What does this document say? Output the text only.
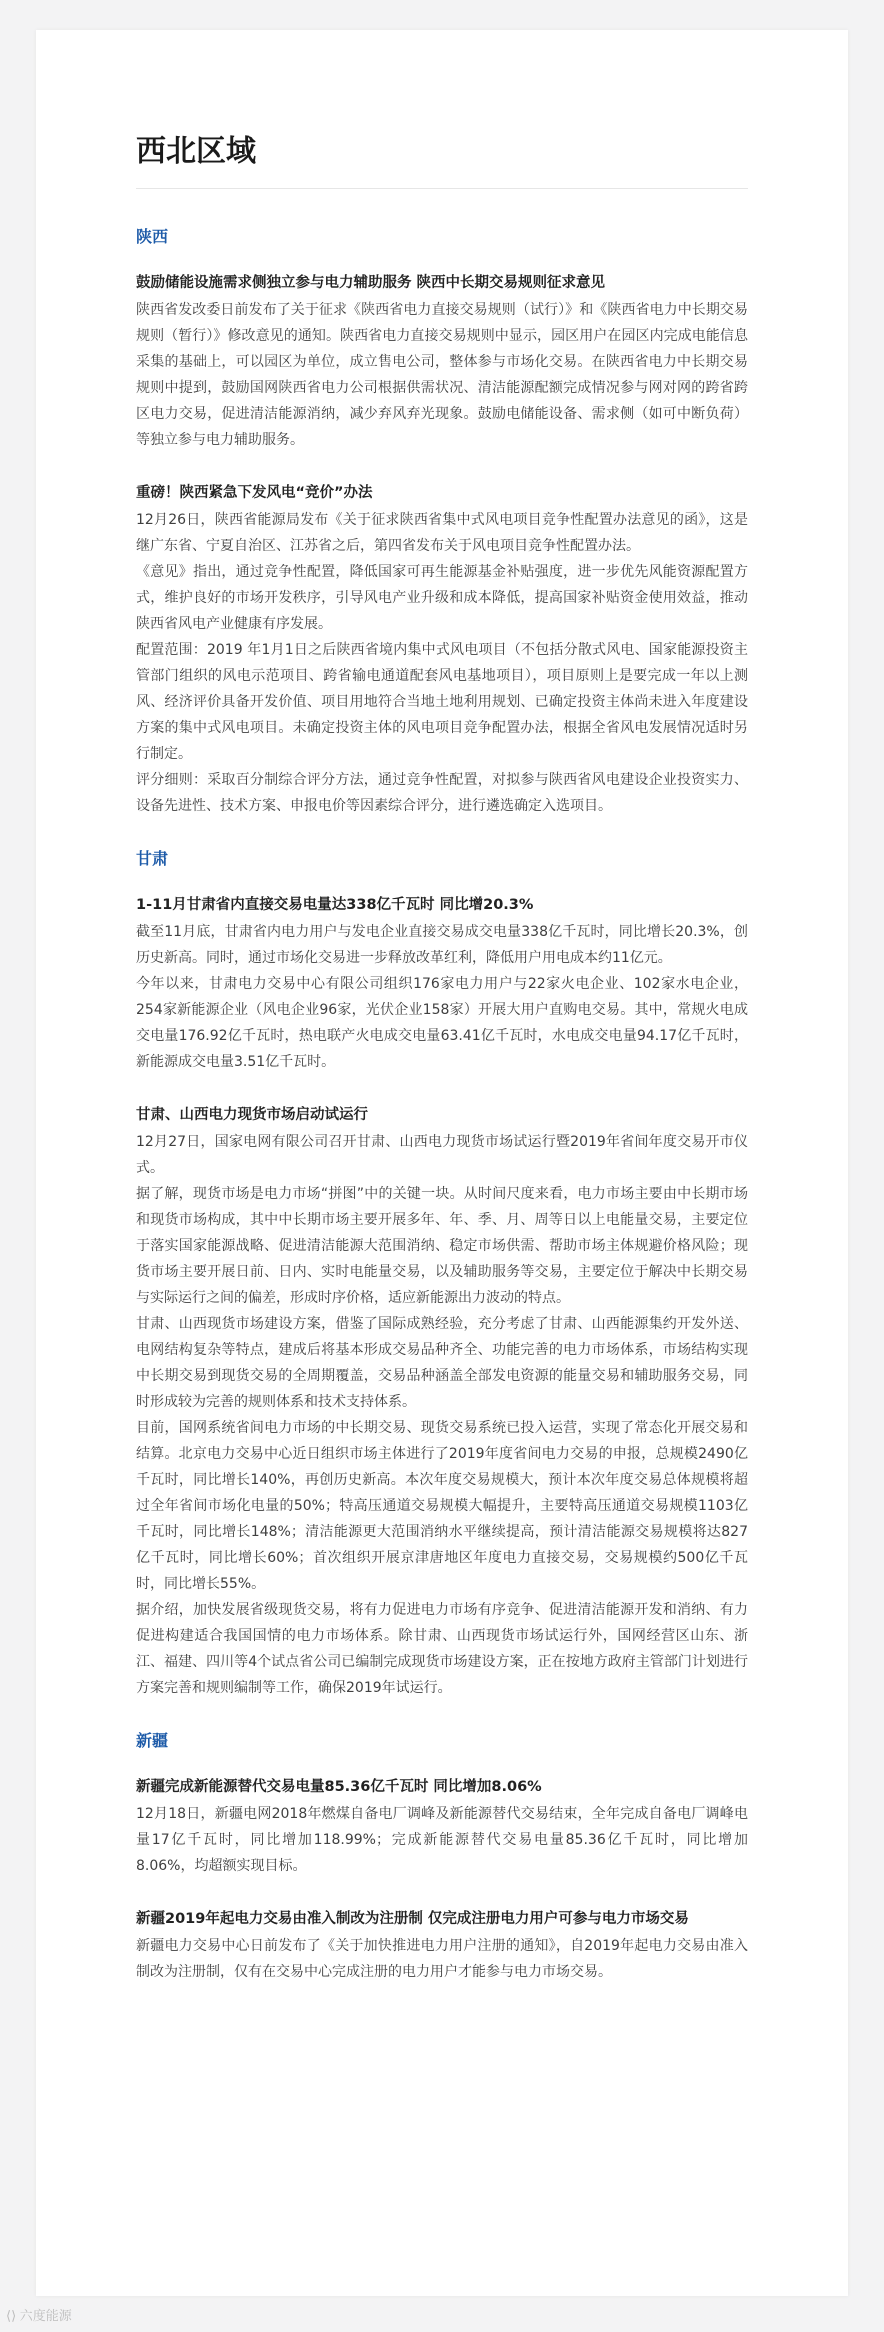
西北区域
陕西
鼓励储能设施需求侧独立参与电力辅助服务 陕西中长期交易规则征求意见

陕西省发改委日前发布了关于征求《陕西省电力直接交易规则（试行）》和《陕西省电力中长期交易规则（暂行）》修改意见的通知。陕西省电力直接交易规则中显示，园区用户在园区内完成电能信息采集的基础上，可以园区为单位，成立售电公司，整体参与市场化交易。在陕西省电力中长期交易规则中提到，鼓励国网陕西省电力公司根据供需状况、清洁能源配额完成情况参与网对网的跨省跨区电力交易，促进清洁能源消纳，减少弃风弃光现象。鼓励电储能设备、需求侧（如可中断负荷）等独立参与电力辅助服务。

重磅！陕西紧急下发风电“竞价”办法

12月26日，陕西省能源局发布《关于征求陕西省集中式风电项目竞争性配置办法意见的函》，这是继广东省、宁夏自治区、江苏省之后，第四省发布关于风电项目竞争性配置办法。

《意见》指出，通过竞争性配置，降低国家可再生能源基金补贴强度，进一步优先风能资源配置方式，维护良好的市场开发秩序，引导风电产业升级和成本降低，提高国家补贴资金使用效益，推动陕西省风电产业健康有序发展。

配置范围：2019 年1月1日之后陕西省境内集中式风电项目（不包括分散式风电、国家能源投资主管部门组织的风电示范项目、跨省输电通道配套风电基地项目），项目原则上是要完成一年以上测风、经济评价具备开发价值、项目用地符合当地土地利用规划、已确定投资主体尚未进入年度建设方案的集中式风电项目。未确定投资主体的风电项目竞争配置办法，根据全省风电发展情况适时另行制定。

评分细则：采取百分制综合评分方法，通过竞争性配置，对拟参与陕西省风电建设企业投资实力、设备先进性、技术方案、申报电价等因素综合评分，进行遴选确定入选项目。

甘肃
1-11月甘肃省内直接交易电量达338亿千瓦时 同比增20.3%

截至11月底，甘肃省内电力用户与发电企业直接交易成交电量338亿千瓦时，同比增长20.3%，创历史新高。同时，通过市场化交易进一步释放改革红利，降低用户用电成本约11亿元。

今年以来，甘肃电力交易中心有限公司组织176家电力用户与22家火电企业、102家水电企业，254家新能源企业（风电企业96家，光伏企业158家）开展大用户直购电交易。其中，常规火电成交电量176.92亿千瓦时，热电联产火电成交电量63.41亿千瓦时，水电成交电量94.17亿千瓦时，新能源成交电量3.51亿千瓦时。

甘肃、山西电力现货市场启动试运行

12月27日，国家电网有限公司召开甘肃、山西电力现货市场试运行暨2019年省间年度交易开市仪式。

据了解，现货市场是电力市场“拼图”中的关键一块。从时间尺度来看，电力市场主要由中长期市场和现货市场构成，其中中长期市场主要开展多年、年、季、月、周等日以上电能量交易，主要定位于落实国家能源战略、促进清洁能源大范围消纳、稳定市场供需、帮助市场主体规避价格风险；现货市场主要开展日前、日内、实时电能量交易，以及辅助服务等交易，主要定位于解决中长期交易与实际运行之间的偏差，形成时序价格，适应新能源出力波动的特点。

甘肃、山西现货市场建设方案，借鉴了国际成熟经验，充分考虑了甘肃、山西能源集约开发外送、电网结构复杂等特点，建成后将基本形成交易品种齐全、功能完善的电力市场体系，市场结构实现中长期交易到现货交易的全周期覆盖，交易品种涵盖全部发电资源的能量交易和辅助服务交易，同时形成较为完善的规则体系和技术支持体系。

目前，国网系统省间电力市场的中长期交易、现货交易系统已投入运营，实现了常态化开展交易和结算。北京电力交易中心近日组织市场主体进行了2019年度省间电力交易的申报，总规模2490亿千瓦时，同比增长140%，再创历史新高。本次年度交易规模大，预计本次年度交易总体规模将超过全年省间市场化电量的50%；特高压通道交易规模大幅提升，主要特高压通道交易规模1103亿千瓦时，同比增长148%；清洁能源更大范围消纳水平继续提高，预计清洁能源交易规模将达827亿千瓦时，同比增长60%；首次组织开展京津唐地区年度电力直接交易，交易规模约500亿千瓦时，同比增长55%。

据介绍，加快发展省级现货交易，将有力促进电力市场有序竞争、促进清洁能源开发和消纳、有力促进构建适合我国国情的电力市场体系。除甘肃、山西现货市场试运行外，国网经营区山东、浙江、福建、四川等4个试点省公司已编制完成现货市场建设方案，正在按地方政府主管部门计划进行方案完善和规则编制等工作，确保2019年试运行。

新疆
新疆完成新能源替代交易电量85.36亿千瓦时 同比增加8.06%

12月18日，新疆电网2018年燃煤自备电厂调峰及新能源替代交易结束，全年完成自备电厂调峰电量17亿千瓦时，同比增加118.99%；完成新能源替代交易电量85.36亿千瓦时，同比增加8.06%，均超额实现目标。

新疆2019年起电力交易由准入制改为注册制 仅完成注册电力用户可参与电力市场交易

新疆电力交易中心日前发布了《关于加快推进电力用户注册的通知》，自2019年起电力交易由准入制改为注册制，仅有在交易中心完成注册的电力用户才能参与电力市场交易。

⟨⟩ 六度能源
